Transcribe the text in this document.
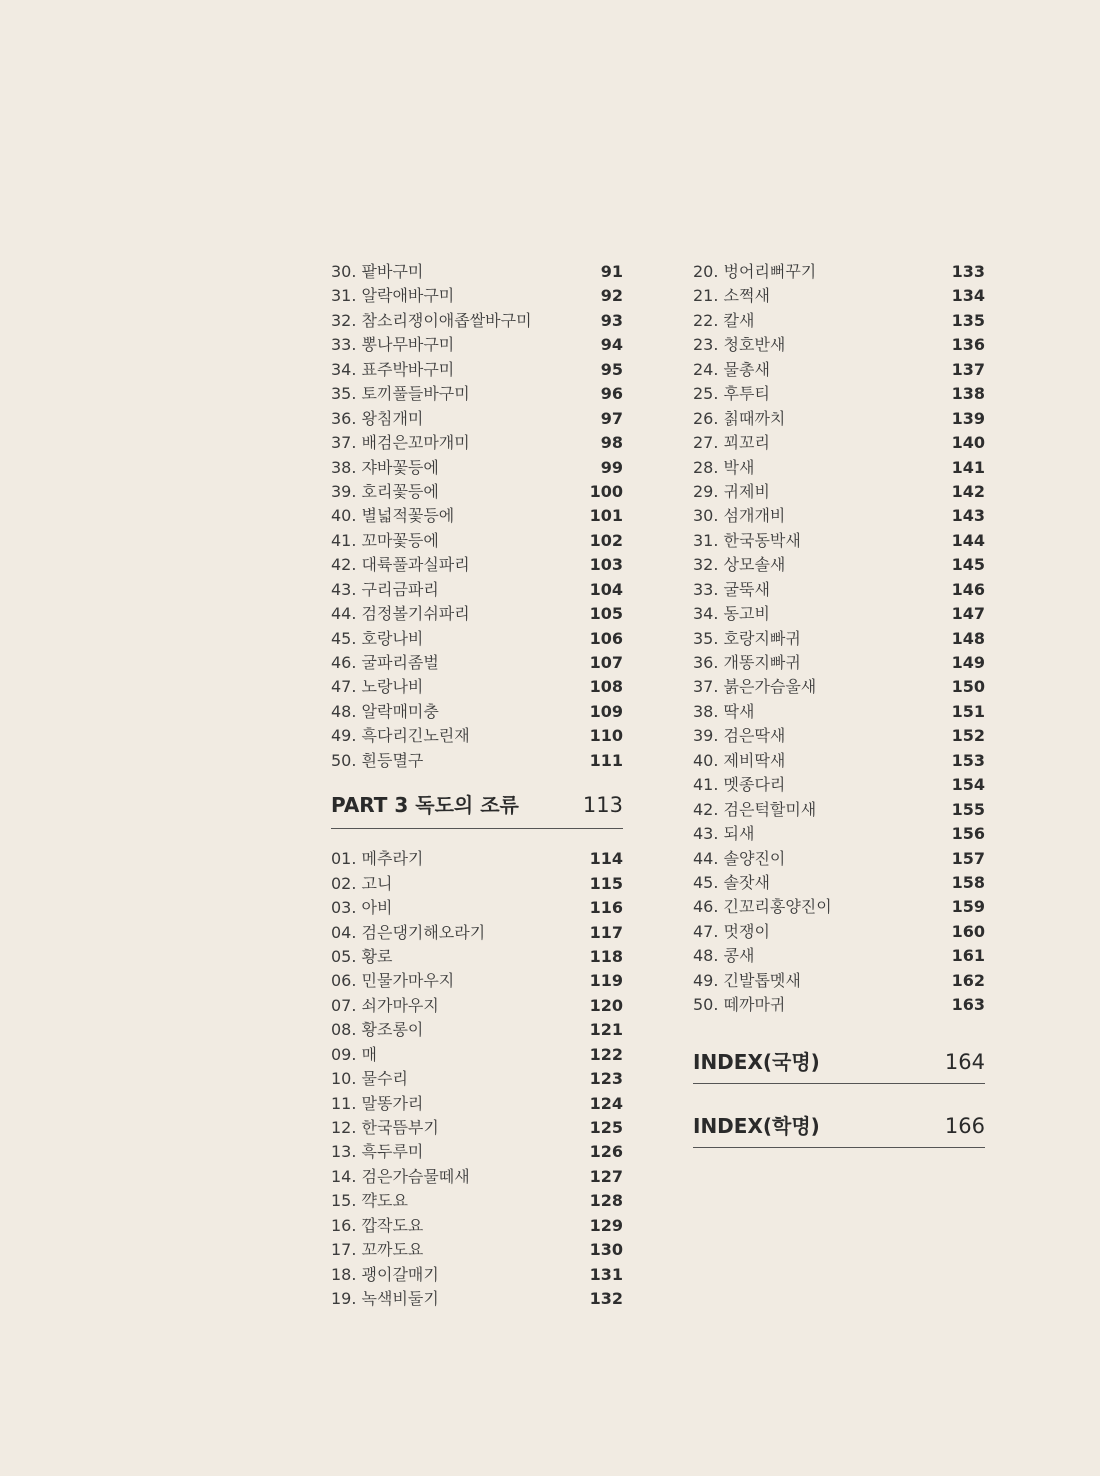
30. 팥바구미	91
31. 알락애바구미	92
32. 참소리쟁이애좁쌀바구미	93
33. 뽕나무바구미	94
34. 표주박바구미	95
35. 토끼풀들바구미	96
36. 왕침개미	97
37. 배검은꼬마개미	98
38. 쟈바꽃등에	99
39. 호리꽃등에	100
40. 별넓적꽃등에	101
41. 꼬마꽃등에	102
42. 대륙풀과실파리	103
43. 구리금파리	104
44. 검정볼기쉬파리	105
45. 호랑나비	106
46. 굴파리좀벌	107
47. 노랑나비	108
48. 알락매미충	109
49. 흑다리긴노린재	110
50. 흰등멸구	111
PART 3 독도의 조류	113
01. 메추라기	114
02. 고니	115
03. 아비	116
04. 검은댕기해오라기	117
05. 황로	118
06. 민물가마우지	119
07. 쇠가마우지	120
08. 황조롱이	121
09. 매	122
10. 물수리	123
11. 말똥가리	124
12. 한국뜸부기	125
13. 흑두루미	126
14. 검은가슴물떼새	127
15. 꺅도요	128
16. 깝작도요	129
17. 꼬까도요	130
18. 괭이갈매기	131
19. 녹색비둘기	132
20. 벙어리뻐꾸기	133
21. 소쩍새	134
22. 칼새	135
23. 청호반새	136
24. 물총새	137
25. 후투티	138
26. 칡때까치	139
27. 꾀꼬리	140
28. 박새	141
29. 귀제비	142
30. 섬개개비	143
31. 한국동박새	144
32. 상모솔새	145
33. 굴뚝새	146
34. 동고비	147
35. 호랑지빠귀	148
36. 개똥지빠귀	149
37. 붉은가슴울새	150
38. 딱새	151
39. 검은딱새	152
40. 제비딱새	153
41. 멧종다리	154
42. 검은턱할미새	155
43. 되새	156
44. 솔양진이	157
45. 솔잣새	158
46. 긴꼬리홍양진이	159
47. 멋쟁이	160
48. 콩새	161
49. 긴발톱멧새	162
50. 떼까마귀	163
INDEX(국명)	164
INDEX(학명)	166
